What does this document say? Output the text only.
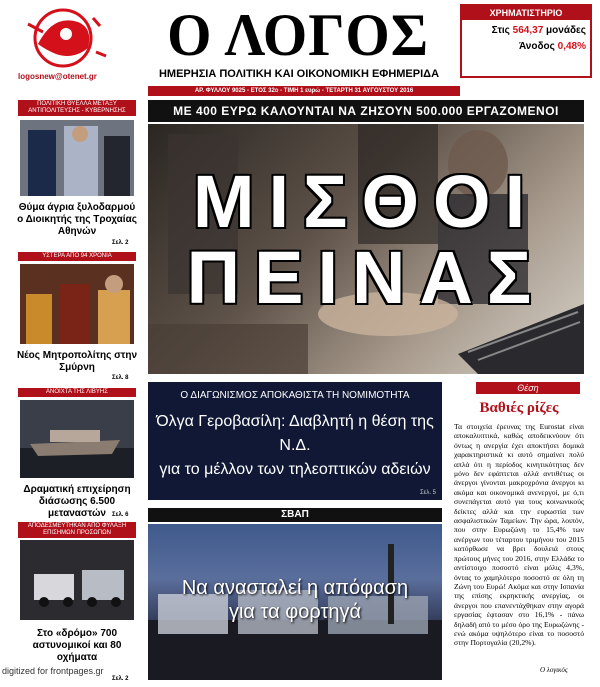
logosnew@otenet.gr
Ο ΛΟΓΟΣ
ΗΜΕΡΗΣΙΑ ΠΟΛΙΤΙΚΗ ΚΑΙ ΟΙΚΟΝΟΜΙΚΗ ΕΦΗΜΕΡΙΔΑ
ΧΡΗΜΑΤΙΣΤΗΡΙΟ
Στις 564,37 μονάδες
Άνοδος 0,48%
ΑΡ. ΦΥΛΛΟΥ 9025 - ΕΤΟΣ 32ο - ΤΙΜΗ 1 ευρώ - ΤΕΤΑΡΤΗ 31 ΑΥΓΟΥΣΤΟΥ 2016
ΜΕ 400 ΕΥΡΩ ΚΑΛΟΥΝΤΑΙ ΝΑ ΖΗΣΟΥΝ 500.000 ΕΡΓΑΖΟΜΕΝΟΙ
ΜΙΣΘΟΙ
ΠΕΙΝΑΣ
Ο ΔΙΑΓΩΝΙΣΜΟΣ ΑΠΟΚΑΘΙΣΤΑ ΤΗ ΝΟΜΙΜΟΤΗΤΑ
Όλγα Γεροβασίλη: Διαβλητή η θέση της Ν.Δ.
για το μέλλον των τηλεοπτικών αδειών
Σελ. 5
ΣΒΑΠ
Να ανασταλεί η απόφαση
για τα φορτηγά
Θέση
Βαθιές ρίζες
Τα στοιχεία έρευνας της Eurostat είναι αποκαλυπτικά, καθώς αποδεικνύουν ότι όντως η ανεργία έχει αποκτήσει δομικά χαρακτηριστικά κι αυτό σημαίνει πολύ απλά ότι η περίοδος κινητικότητας δεν μόνο δεν εφάπτεται αλλά αντιθέτως οι άνεργοι γίνονται μακροχρόνια άνεργοι κι ακόμα και οικονομικά ανενεργοί, με ό,τι συνεπάγεται αυτό για τους κοινωνικούς δείκτες αλλά και την ευρωστία των ασφαλιστικών Ταμείων. Την ώρα, λοιπόν, που στην Ευρωζώνη το 15,4% των ανέργων του τέταρτου τριμήνου του 2015 κατόρθωσε να βρει δουλειά στους πρώτους μήνες του 2016, στην Ελλάδα το αντίστοιχο ποσοστό είναι μόλις 4,3%, όντας το χαμηλότερο ποσοστό σε όλη τη Ζώνη του Ευρώ! Ακόμα και στην Ισπανία της επίσης εκρηκτικής ανεργίας, οι άνεργοι που επανεντάχθηκαν στην αγορά εργασίας έφτασαν στο 16,1% - πάνω δηλαδή από το μέσο όρο της Ευρωζώνης - ενώ ακόμα υψηλότερο είναι το ποσοστό στην Πορτογαλία (20,2%).
Ο λογικός
ΠΟΛΙΤΙΚΗ ΘΥΕΛΛΑ ΜΕΤΑΞΥ ΑΝΤΙΠΟΛΙΤΕΥΣΗΣ - ΚΥΒΕΡΝΗΣΗΣ
Θύμα άγρια ξυλοδαρμού ο Διοικητής της Τροχαίας Αθηνών
Σελ. 2
ΥΣΤΕΡΑ ΑΠΟ 94 ΧΡΟΝΙΑ
Νέος Μητροπολίτης στην Σμύρνη
Σελ. 8
ΑΝΟΙΧΤΑ ΤΗΣ ΛΙΒΥΗΣ
Δραματική επιχείρηση διάσωσης 6.500 μεταναστών	Σελ. 6
ΑΠΟΔΕΣΜΕΥΤΗΚΑΝ ΑΠΟ ΦΥΛΑΞΗ ΕΠΙΣΗΜΩΝ ΠΡΟΣΩΠΩΝ
Στο «δρόμο» 700 αστυνομικοί και 80 οχήματα
Σελ. 2
digitized for frontpages.gr
